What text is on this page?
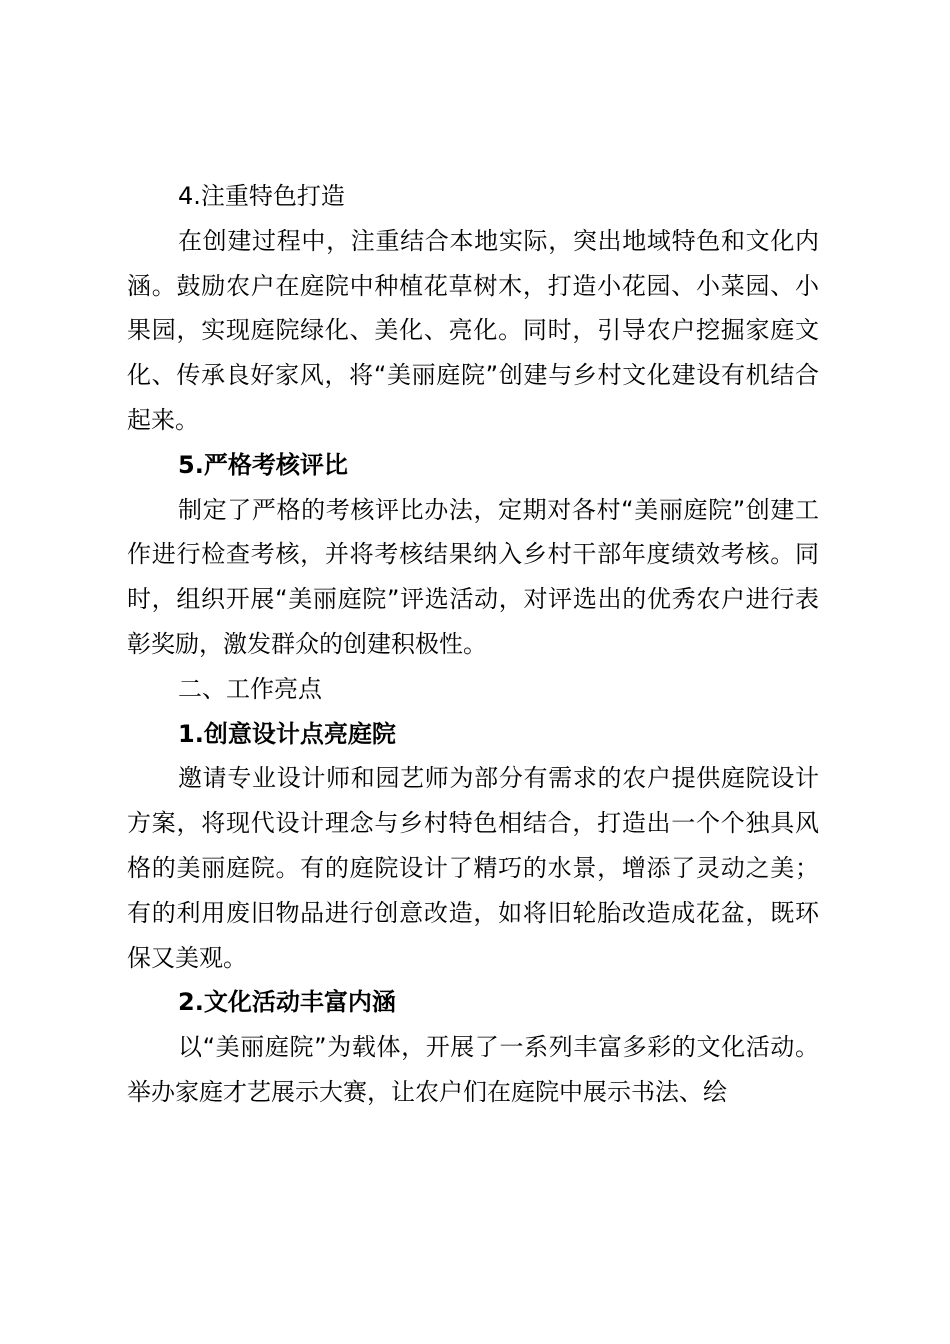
4.注重特色打造
在创建过程中，注重结合本地实际，突出地域特色和文化内涵。鼓励农户在庭院中种植花草树木，打造小花园、小菜园、小果园，实现庭院绿化、美化、亮化。同时，引导农户挖掘家庭文化、传承良好家风，将“美丽庭院”创建与乡村文化建设有机结合起来。
5.严格考核评比
制定了严格的考核评比办法，定期对各村“美丽庭院”创建工作进行检查考核，并将考核结果纳入乡村干部年度绩效考核。同时，组织开展“美丽庭院”评选活动，对评选出的优秀农户进行表彰奖励，激发群众的创建积极性。
二、工作亮点
1.创意设计点亮庭院
邀请专业设计师和园艺师为部分有需求的农户提供庭院设计方案，将现代设计理念与乡村特色相结合，打造出一个个独具风格的美丽庭院。有的庭院设计了精巧的水景，增添了灵动之美；有的利用废旧物品进行创意改造，如将旧轮胎改造成花盆，既环保又美观。
2.文化活动丰富内涵
以“美丽庭院”为载体，开展了一系列丰富多彩的文化活动。举办家庭才艺展示大赛，让农户们在庭院中展示书法、绘
